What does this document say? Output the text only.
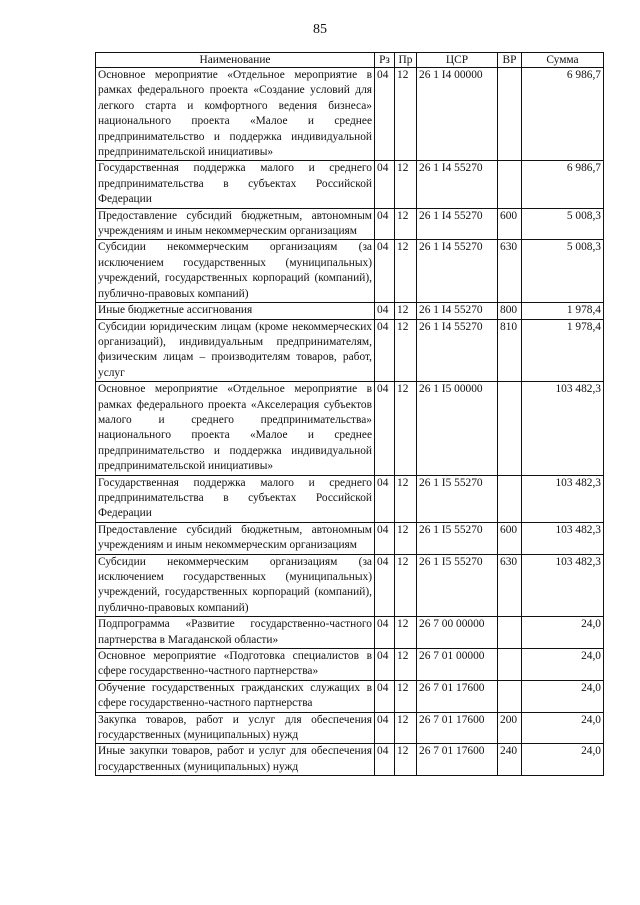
85
Наименование	Рз	Пр	ЦСР	ВР	Сумма
Основное мероприятие «Отдельное мероприятие в рамках федерального проекта «Создание условий для легкого старта и комфортного ведения бизнеса» национального проекта «Малое и среднее предпринимательство и поддержка индивидуальной предпринимательской инициативы»	04	12	26 1 I4 00000		6 986,7
Государственная поддержка малого и среднего предпринимательства в субъектах Российской Федерации	04	12	26 1 I4 55270		6 986,7
Предоставление субсидий бюджетным, автономным учреждениям и иным некоммерческим организациям	04	12	26 1 I4 55270	600	5 008,3
Субсидии некоммерческим организациям (за исключением государственных (муниципальных) учреждений, государственных корпораций (компаний), публично-правовых компаний)	04	12	26 1 I4 55270	630	5 008,3
Иные бюджетные ассигнования	04	12	26 1 I4 55270	800	1 978,4
Субсидии юридическим лицам (кроме некоммерческих организаций), индивидуальным предпринимателям, физическим лицам – производителям товаров, работ, услуг	04	12	26 1 I4 55270	810	1 978,4
Основное мероприятие «Отдельное мероприятие в рамках федерального проекта «Акселерация субъектов малого и среднего предпринимательства» национального проекта «Малое и среднее предпринимательство и поддержка индивидуальной предпринимательской инициативы»	04	12	26 1 I5 00000		103 482,3
Государственная поддержка малого и среднего предпринимательства в субъектах Российской Федерации	04	12	26 1 I5 55270		103 482,3
Предоставление субсидий бюджетным, автономным учреждениям и иным некоммерческим организациям	04	12	26 1 I5 55270	600	103 482,3
Субсидии некоммерческим организациям (за исключением государственных (муниципальных) учреждений, государственных корпораций (компаний), публично-правовых компаний)	04	12	26 1 I5 55270	630	103 482,3
Подпрограмма «Развитие государственно-частного партнерства в Магаданской области»	04	12	26 7 00 00000		24,0
Основное мероприятие «Подготовка специалистов в сфере государственно-частного партнерства»	04	12	26 7 01 00000		24,0
Обучение государственных гражданских служащих в сфере государственно-частного партнерства	04	12	26 7 01 17600		24,0
Закупка товаров, работ и услуг для обеспечения государственных (муниципальных) нужд	04	12	26 7 01 17600	200	24,0
Иные закупки товаров, работ и услуг для обеспечения государственных (муниципальных) нужд	04	12	26 7 01 17600	240	24,0
